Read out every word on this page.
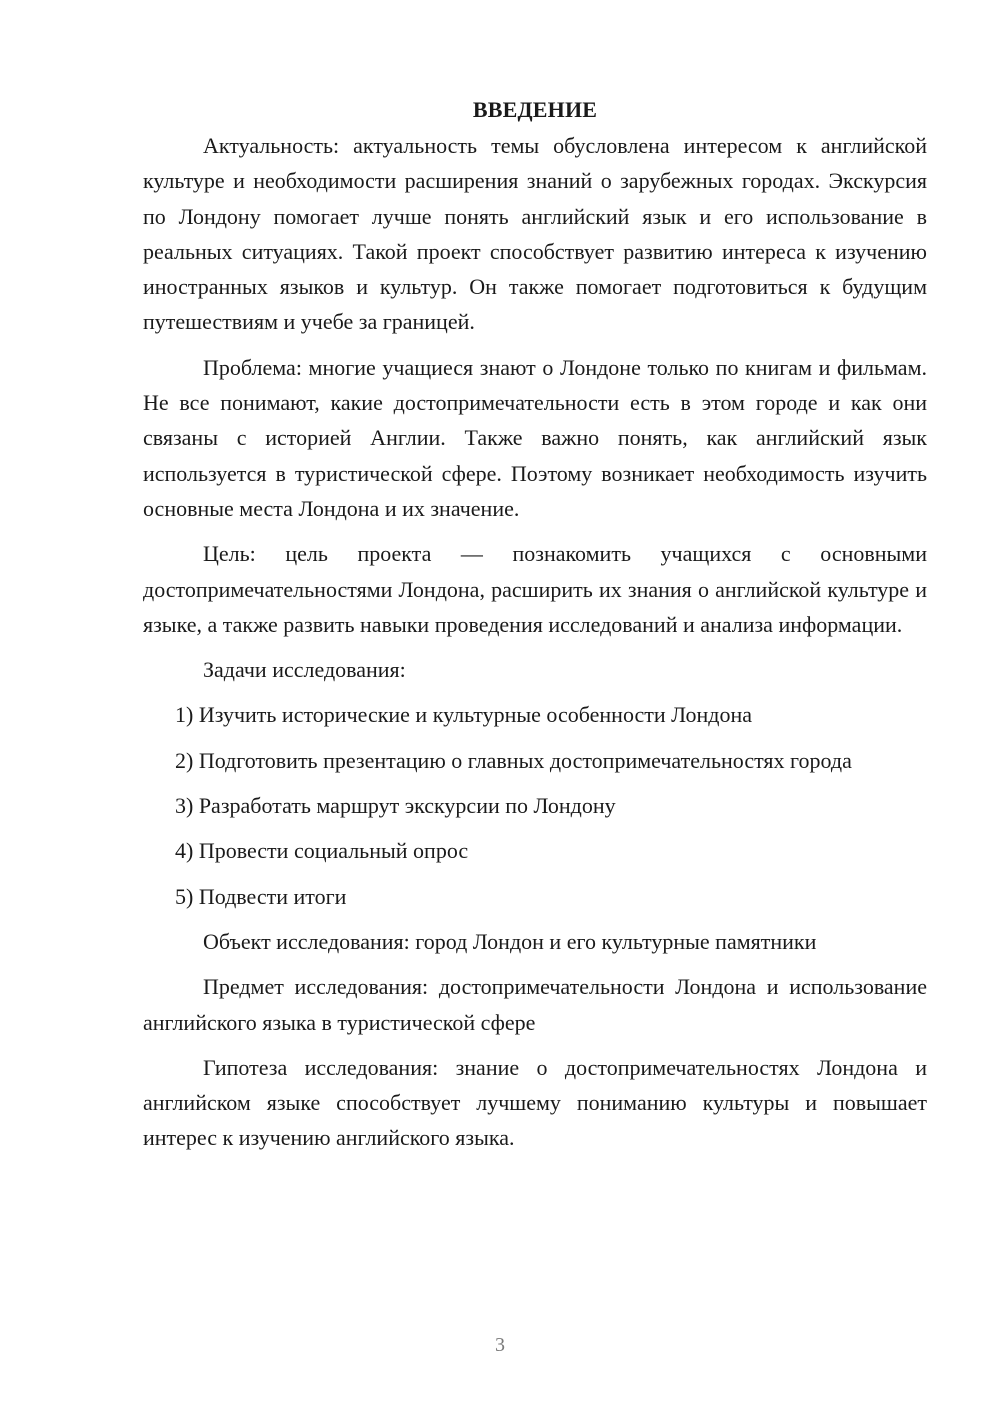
ВВЕДЕНИЕ

Актуальность: актуальность темы обусловлена интересом к английской культуре и необходимости расширения знаний о зарубежных городах. Экскурсия по Лондону помогает лучше понять английский язык и его использование в реальных ситуациях. Такой проект способствует развитию интереса к изучению иностранных языков и культур. Он также помогает подготовиться к будущим путешествиям и учебе за границей.

Проблема: многие учащиеся знают о Лондоне только по книгам и фильмам. Не все понимают, какие достопримечательности есть в этом городе и как они связаны с историей Англии. Также важно понять, как английский язык используется в туристической сфере. Поэтому возникает необходимость изучить основные места Лондона и их значение.

Цель: цель проекта — познакомить учащихся с основными достопримечательностями Лондона, расширить их знания о английской культуре и языке, а также развить навыки проведения исследований и анализа информации.

Задачи исследования:

1) Изучить исторические и культурные особенности Лондона

2) Подготовить презентацию о главных достопримечательностях города

3) Разработать маршрут экскурсии по Лондону

4) Провести социальный опрос

5) Подвести итоги

Объект исследования: город Лондон и его культурные памятники

Предмет исследования: достопримечательности Лондона и использование английского языка в туристической сфере

Гипотеза исследования: знание о достопримечательностях Лондона и английском языке способствует лучшему пониманию культуры и повышает интерес к изучению английского языка.

3
